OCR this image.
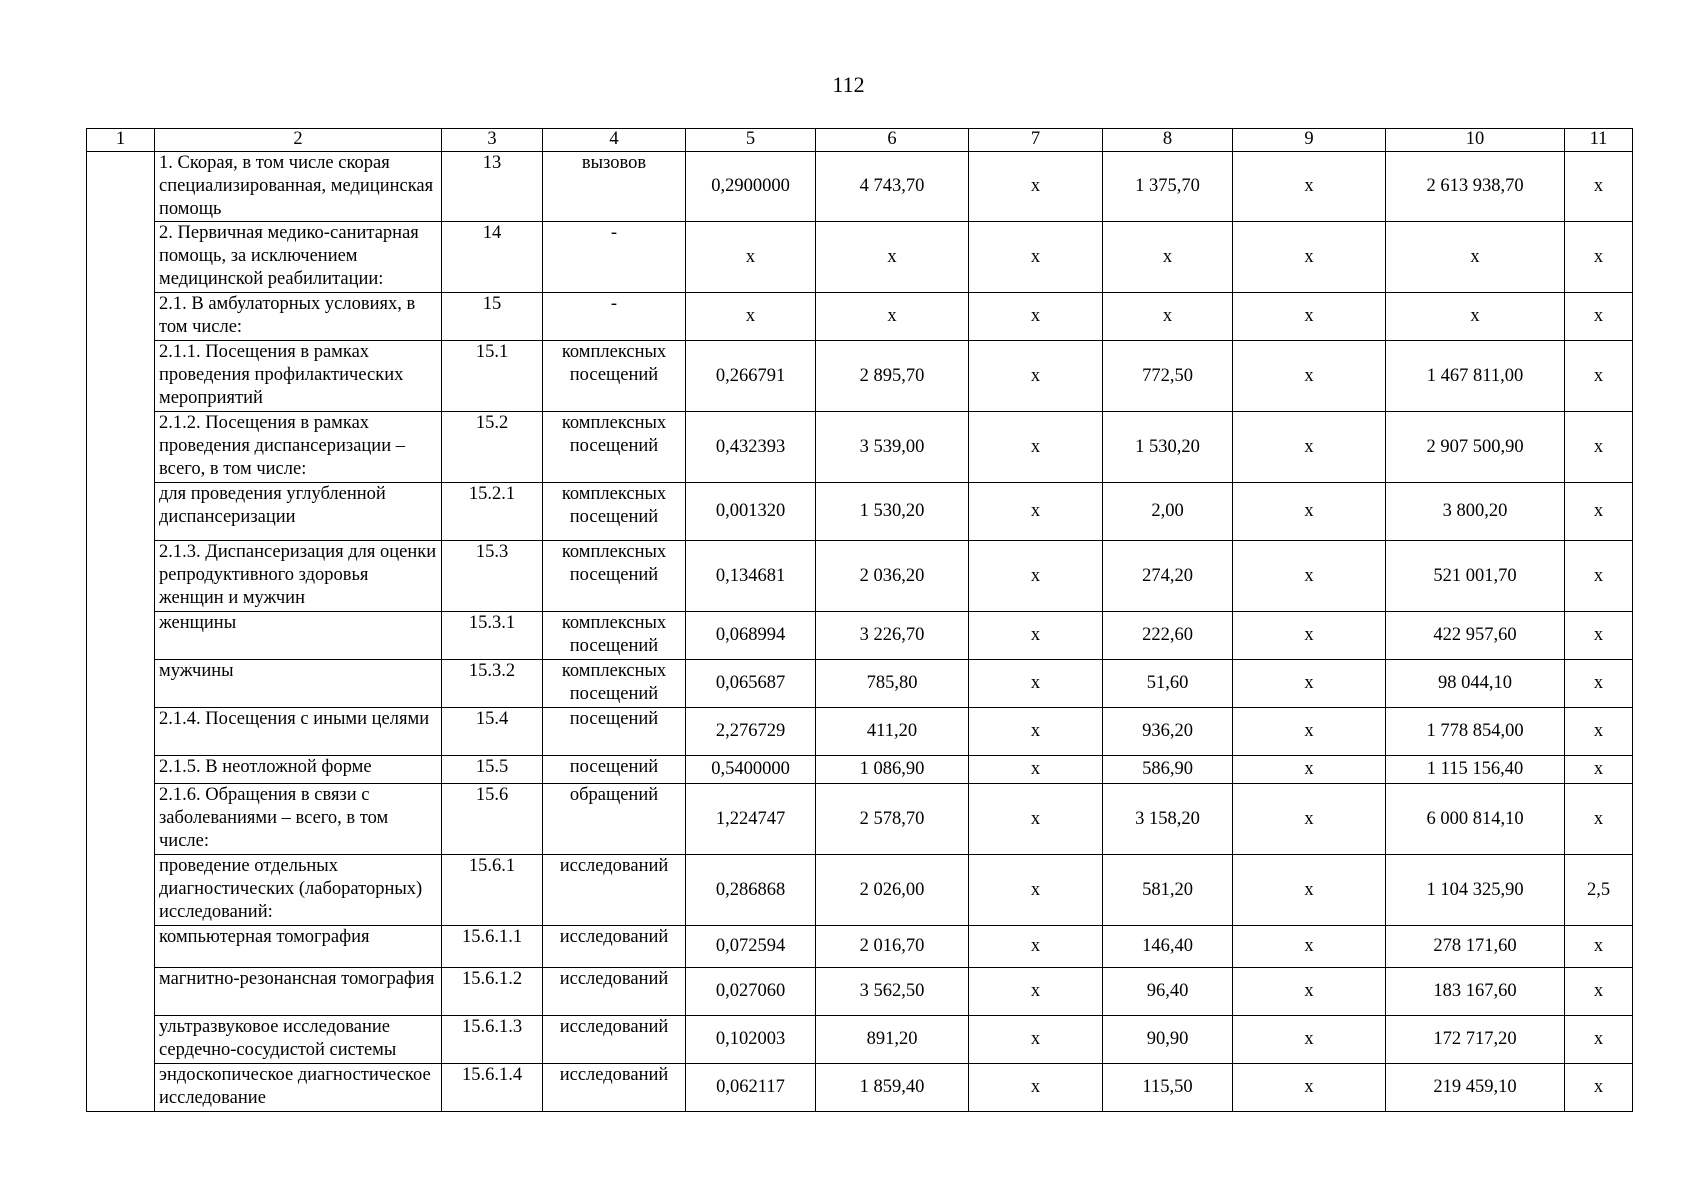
112
1	2	3	4	5	6	7	8	9	10	11
	1. Скорая, в том числе скорая специализированная, медицинская помощь	13	вызовов	0,2900000	4 743,70	х	1 375,70	х	2 613 938,70	х
	2. Первичная медико-санитарная помощь, за исключением медицинской реабилитации:	14	-	х	х	х	х	х	х	х
	2.1. В амбулаторных условиях, в том числе:	15	-	х	х	х	х	х	х	х
	2.1.1. Посещения в рамках проведения профилактических мероприятий	15.1	комплексных посещений	0,266791	2 895,70	х	772,50	х	1 467 811,00	х
	2.1.2. Посещения в рамках проведения диспансеризации – всего, в том числе:	15.2	комплексных посещений	0,432393	3 539,00	х	1 530,20	х	2 907 500,90	х
	для проведения углубленной диспансеризации	15.2.1	комплексных посещений	0,001320	1 530,20	х	2,00	х	3 800,20	х
	2.1.3. Диспансеризация для оценки репродуктивного здоровья женщин и мужчин	15.3	комплексных посещений	0,134681	2 036,20	х	274,20	х	521 001,70	х
	женщины	15.3.1	комплексных посещений	0,068994	3 226,70	х	222,60	х	422 957,60	х
	мужчины	15.3.2	комплексных посещений	0,065687	785,80	х	51,60	х	98 044,10	х
	2.1.4. Посещения с иными целями	15.4	посещений	2,276729	411,20	х	936,20	х	1 778 854,00	х
	2.1.5. В неотложной форме	15.5	посещений	0,5400000	1 086,90	х	586,90	х	1 115 156,40	х
	2.1.6. Обращения в связи с заболеваниями – всего, в том числе:	15.6	обращений	1,224747	2 578,70	х	3 158,20	х	6 000 814,10	х
	проведение отдельных диагностических (лабораторных) исследований:	15.6.1	исследований	0,286868	2 026,00	х	581,20	х	1 104 325,90	2,5
	компьютерная томография	15.6.1.1	исследований	0,072594	2 016,70	х	146,40	х	278 171,60	х
	магнитно-резонансная томография	15.6.1.2	исследований	0,027060	3 562,50	х	96,40	х	183 167,60	х
	ультразвуковое исследование сердечно-сосудистой системы	15.6.1.3	исследований	0,102003	891,20	х	90,90	х	172 717,20	х
	эндоскопическое диагностическое исследование	15.6.1.4	исследований	0,062117	1 859,40	х	115,50	х	219 459,10	х
